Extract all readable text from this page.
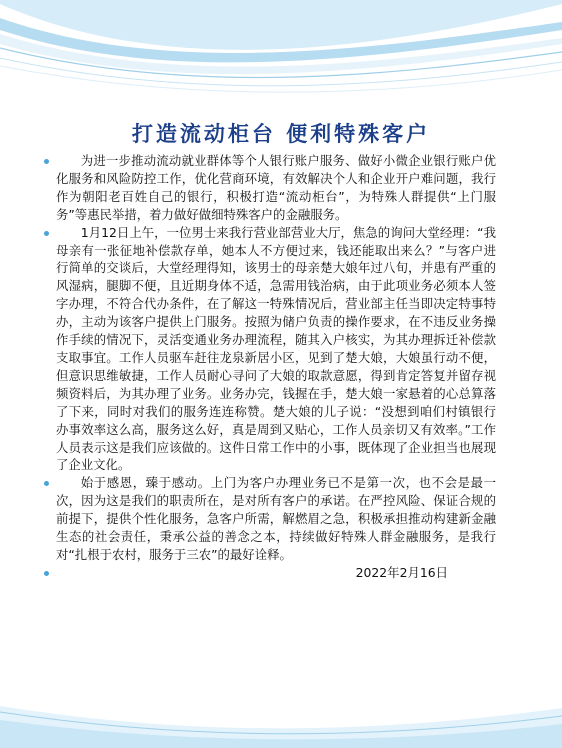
打造流动柜台 便利特殊客户

为进一步推动流动就业群体等个人银行账户服务、做好小微企业银行账户优化服务和风险防控工作，优化营商环境，有效解决个人和企业开户难问题，我行作为朝阳老百姓自己的银行，积极打造“流动柜台”，为特殊人群提供“上门服务”等惠民举措，着力做好做细特殊客户的金融服务。

1月12日上午，一位男士来我行营业部营业大厅，焦急的询问大堂经理：“我母亲有一张征地补偿款存单，她本人不方便过来，钱还能取出来么？”与客户进行简单的交谈后，大堂经理得知，该男士的母亲楚大娘年过八旬，并患有严重的风湿病，腿脚不便，且近期身体不适，急需用钱治病，由于此项业务必须本人签字办理，不符合代办条件，在了解这一特殊情况后，营业部主任当即决定特事特办，主动为该客户提供上门服务。按照为储户负责的操作要求，在不违反业务操作手续的情况下，灵活变通业务办理流程，随其入户核实，为其办理拆迁补偿款支取事宜。工作人员驱车赶往龙泉新居小区，见到了楚大娘，大娘虽行动不便，但意识思维敏捷，工作人员耐心寻问了大娘的取款意愿，得到肯定答复并留存视频资料后，为其办理了业务。业务办完，钱握在手，楚大娘一家悬着的心总算落了下来，同时对我们的服务连连称赞。楚大娘的儿子说：“没想到咱们村镇银行办事效率这么高，服务这么好，真是周到又贴心，工作人员亲切又有效率。”工作人员表示这是我们应该做的。这件日常工作中的小事，既体现了企业担当也展现了企业文化。

始于感恩，臻于感动。上门为客户办理业务已不是第一次，也不会是最一次，因为这是我们的职责所在，是对所有客户的承诺。在严控风险、保证合规的前提下，提供个性化服务，急客户所需，解燃眉之急，积极承担推动构建新金融生态的社会责任，秉承公益的善念之本，持续做好特殊人群金融服务，是我行对“扎根于农村，服务于三农”的最好诠释。

2022年2月16日
